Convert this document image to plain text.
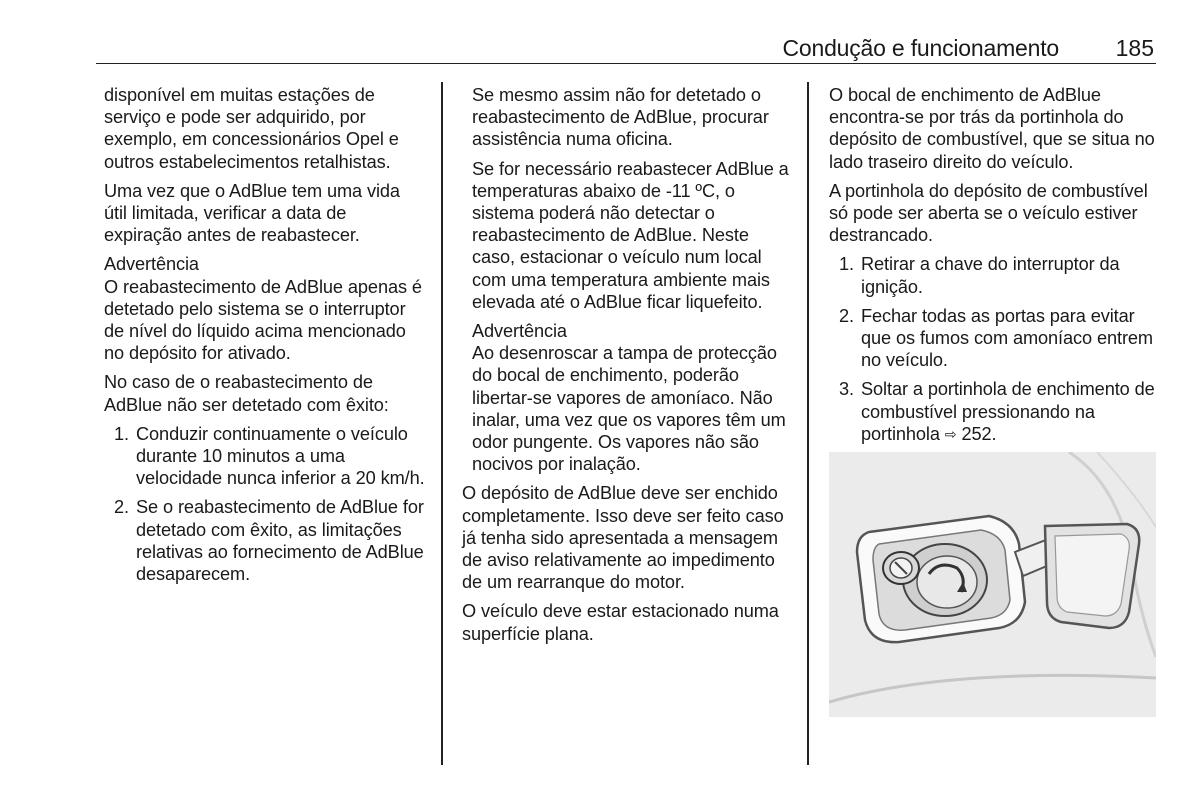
Condução e funcionamento 185

disponível em muitas estações de serviço e pode ser adquirido, por exemplo, em concessionários Opel e outros estabelecimentos retalhistas.

Uma vez que o AdBlue tem uma vida útil limitada, verificar a data de expiração antes de reabastecer.

Advertência

O reabastecimento de AdBlue apenas é detetado pelo sistema se o interruptor de nível do líquido acima mencionado no depósito for ativado.

No caso de o reabastecimento de AdBlue não ser detetado com êxito:

1. Conduzir continuamente o veículo durante 10 minutos a uma velocidade nunca inferior a 20 km/h.
2. Se o reabastecimento de AdBlue for detetado com êxito, as limitações relativas ao fornecimento de AdBlue desaparecem.

Se mesmo assim não for detetado o reabastecimento de AdBlue, procurar assistência numa oficina.

Se for necessário reabastecer AdBlue a temperaturas abaixo de -11 ºC, o sistema poderá não detectar o reabastecimento de AdBlue. Neste caso, estacionar o veículo num local com uma temperatura ambiente mais elevada até o AdBlue ficar liquefeito.

Advertência

Ao desenroscar a tampa de protecção do bocal de enchimento, poderão libertar-se vapores de amoníaco. Não inalar, uma vez que os vapores têm um odor pungente. Os vapores não são nocivos por inalação.

O depósito de AdBlue deve ser enchido completamente. Isso deve ser feito caso já tenha sido apresentada a mensagem de aviso relativamente ao impedimento de um rearranque do motor.

O veículo deve estar estacionado numa superfície plana.

O bocal de enchimento de AdBlue encontra-se por trás da portinhola do depósito de combustível, que se situa no lado traseiro direito do veículo.

A portinhola do depósito de combustível só pode ser aberta se o veículo estiver destrancado.

1. Retirar a chave do interruptor da ignição.
2. Fechar todas as portas para evitar que os fumos com amoníaco entrem no veículo.
3. Soltar a portinhola de enchimento de combustível pressionando na portinhola ⇨ 252.
